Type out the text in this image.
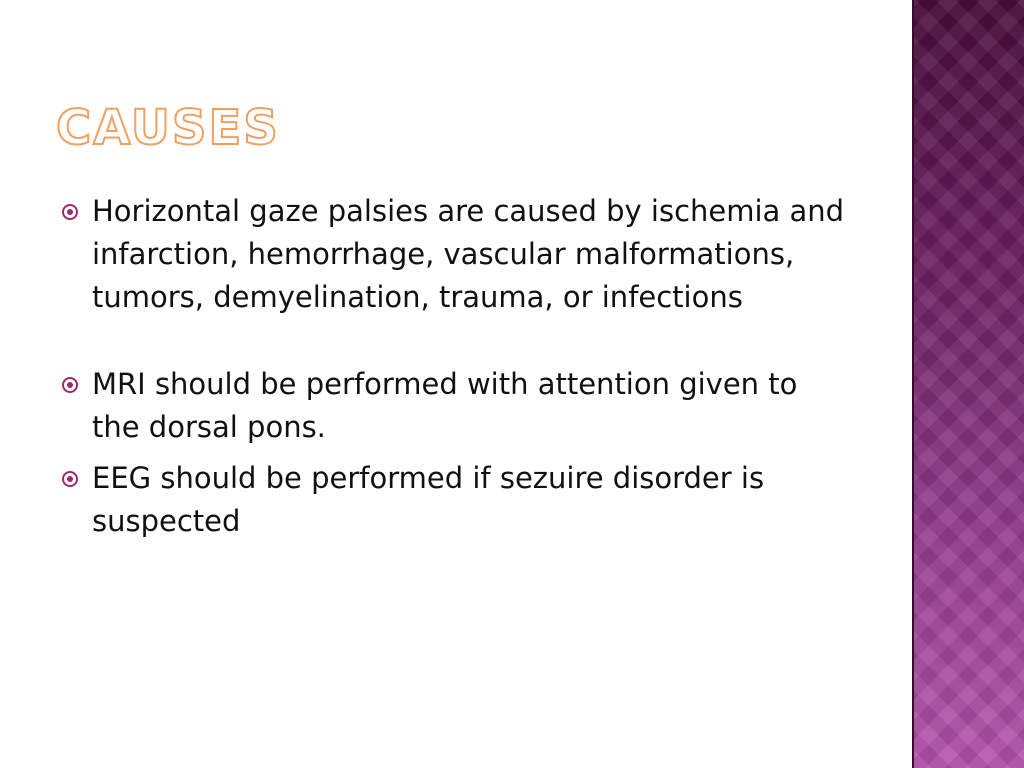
CAUSES
Horizontal gaze palsies are caused by ischemia and infarction, hemorrhage, vascular malformations, tumors, demyelination, trauma, or infections
MRI should be performed with attention given to the dorsal pons.
EEG should be performed if sezuire disorder is suspected
